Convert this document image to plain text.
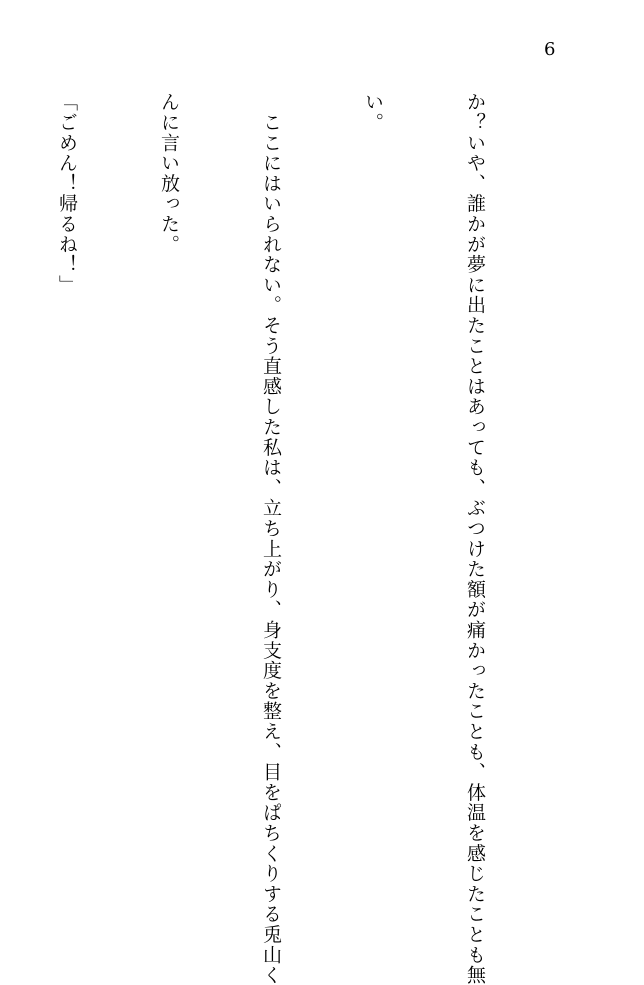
6

か？いや、誰かが夢に出たことはあっても、ぶつけた額が痛かったことも、体温を感じたことも無

い。

　ここにはいられない。そう直感した私は、立ち上がり、身支度を整え、目をぱちくりする兎山く

んに言い放った。

「ごめん！帰るね！」
